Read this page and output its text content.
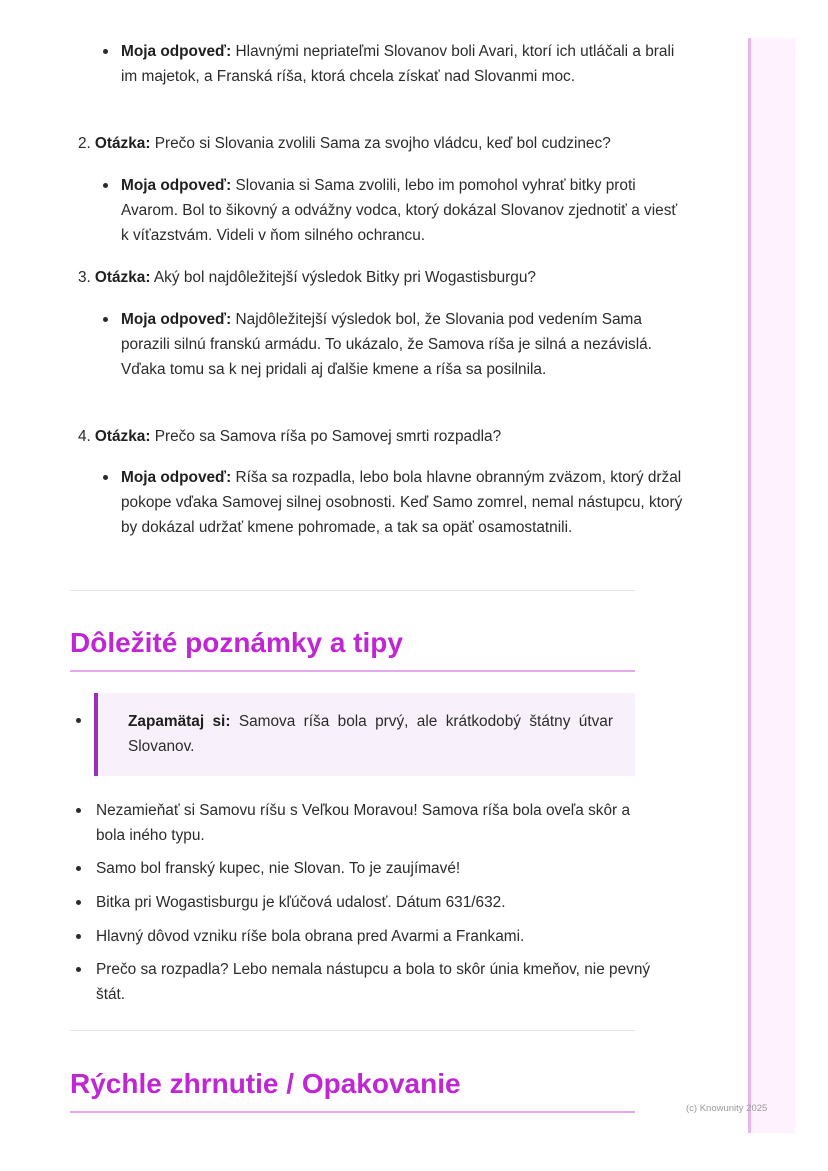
(c) Knowunity 2025
Moja odpoveď: Hlavnými nepriateľmi Slovanov boli Avari, ktorí ich utláčali a brali im majetok, a Franská ríša, ktorá chcela získať nad Slovanmi moc.
2. Otázka: Prečo si Slovania zvolili Sama za svojho vládcu, keď bol cudzinec?
Moja odpoveď: Slovania si Sama zvolili, lebo im pomohol vyhrať bitky proti Avarom. Bol to šikovný a odvážny vodca, ktorý dokázal Slovanov zjednotiť a viesť k víťazstvám. Videli v ňom silného ochrancu.
3. Otázka: Aký bol najdôležitejší výsledok Bitky pri Wogastisburgu?
Moja odpoveď: Najdôležitejší výsledok bol, že Slovania pod vedením Sama porazili silnú franskú armádu. To ukázalo, že Samova ríša je silná a nezávislá. Vďaka tomu sa k nej pridali aj ďalšie kmene a ríša sa posilnila.
4. Otázka: Prečo sa Samova ríša po Samovej smrti rozpadla?
Moja odpoveď: Ríša sa rozpadla, lebo bola hlavne obranným zväzom, ktorý držal pokope vďaka Samovej silnej osobnosti. Keď Samo zomrel, nemal nástupcu, ktorý by dokázal udržať kmene pohromade, a tak sa opäť osamostatnili.
Dôležité poznámky a tipy
Zapamätaj si: Samova ríša bola prvý, ale krátkodobý štátny útvar Slovanov.
Nezamieňať si Samovu ríšu s Veľkou Moravou! Samova ríša bola oveľa skôr a bola iného typu.
Samo bol franský kupec, nie Slovan. To je zaujímavé!
Bitka pri Wogastisburgu je kľúčová udalosť. Dátum 631/632.
Hlavný dôvod vzniku ríše bola obrana pred Avarmi a Frankami.
Prečo sa rozpadla? Lebo nemala nástupcu a bola to skôr únia kmeňov, nie pevný štát.
Rýchle zhrnutie / Opakovanie
